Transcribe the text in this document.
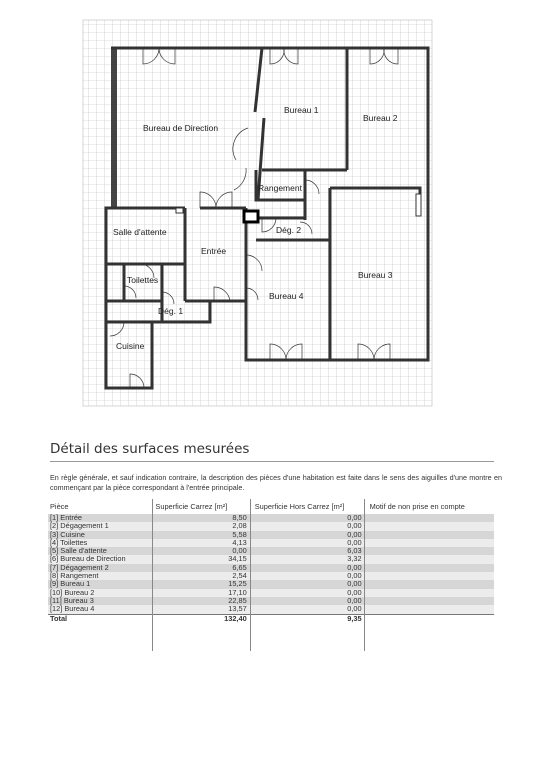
Bureau de Direction
Bureau 1
Bureau 2
Rangement
Dég. 2
Salle d'attente
Entrée
Bureau 3
Toilettes
Bureau 4
Dég. 1
Cuisine
Détail des surfaces mesurées

En règle générale, et sauf indication contraire, la description des pièces d'une habitation est faite dans le sens des aiguilles d'une montre en commençant par la pièce correspondant à l'entrée principale.

Pièce	Superficie Carrez [m²]	Superficie Hors Carrez [m²]	Motif de non prise en compte
[1] Entrée	8,50	0,00	
[2] Dégagement 1	2,08	0,00	
[3] Cuisine	5,58	0,00	
[4] Toilettes	4,13	0,00	
[5] Salle d'attente	0,00	6,03	
[6] Bureau de Direction	34,15	3,32	
[7] Dégagement 2	6,65	0,00	
[8] Rangement	2,54	0,00	
[9] Bureau 1	15,25	0,00	
[10] Bureau 2	17,10	0,00	
[11] Bureau 3	22,85	0,00	
[12] Bureau 4	13,57	0,00	
Total	132,40	9,35	
